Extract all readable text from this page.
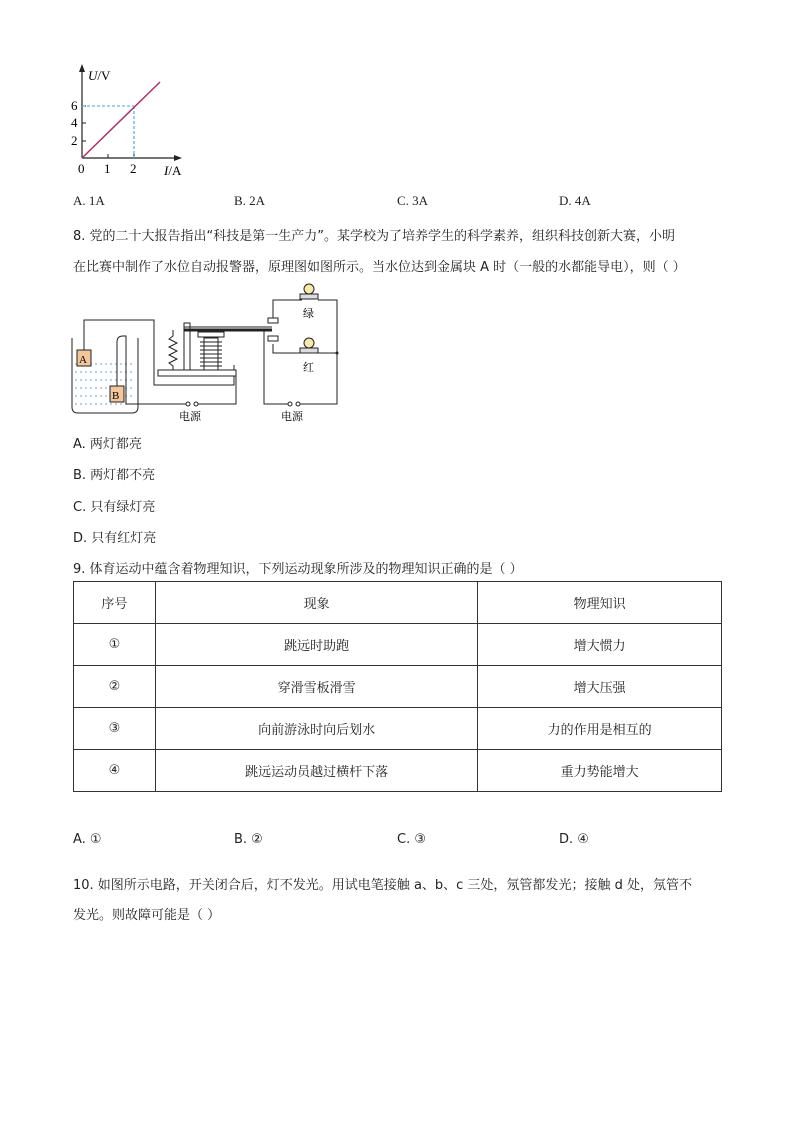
U/V
6
4
2
0 1 2 I/A
A. 1A	B. 2A	C. 3A	D. 4A
8. 党的二十大报告指出“科技是第一生产力”。某学校为了培养学生的科学素养，组织科技创新大赛，小明
在比赛中制作了水位自动报警器，原理图如图所示。当水位达到金属块 A 时（一般的水都能导电），则（ ）
A
B
电源
绿
红
电源
A. 两灯都亮
B. 两灯都不亮
C. 只有绿灯亮
D. 只有红灯亮
9. 体育运动中蕴含着物理知识，下列运动现象所涉及的物理知识正确的是（ ）
序号	现象	物理知识
①	跳远时助跑	增大惯力
②	穿滑雪板滑雪	增大压强
③	向前游泳时向后划水	力的作用是相互的
④	跳远运动员越过横杆下落	重力势能增大
A. ①	B. ②	C. ③	D. ④
10. 如图所示电路，开关闭合后，灯不发光。用试电笔接触 a、b、c 三处，氖管都发光；接触 d 处，氖管不
发光。则故障可能是（ ）
